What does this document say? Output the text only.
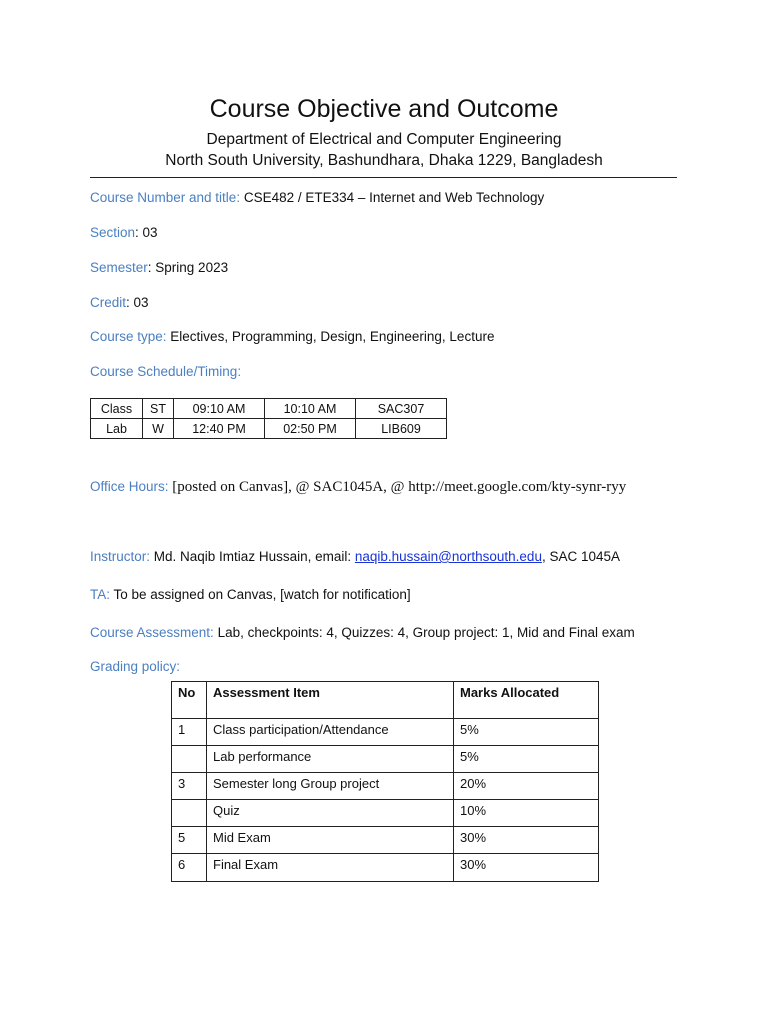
Course Objective and Outcome
Department of Electrical and Computer Engineering
North South University, Bashundhara, Dhaka 1229, Bangladesh
Course Number and title: CSE482 / ETE334 – Internet and Web Technology
Section: 03
Semester: Spring 2023
Credit: 03
Course type: Electives, Programming, Design, Engineering, Lecture
Course Schedule/Timing:
Class	ST	09:10 AM	10:10 AM	SAC307
Lab	W	12:40 PM	02:50 PM	LIB609
Office Hours: [posted on Canvas], @ SAC1045A, @ http://meet.google.com/kty-synr-ryy
Instructor: Md. Naqib Imtiaz Hussain, email: naqib.hussain@northsouth.edu, SAC 1045A
TA: To be assigned on Canvas, [watch for notification]
Course Assessment: Lab, checkpoints: 4, Quizzes: 4, Group project: 1, Mid and Final exam
Grading policy:
No	Assessment Item	Marks Allocated
1	Class participation/Attendance	5%
	Lab performance	5%
3	Semester long Group project	20%
	Quiz	10%
5	Mid Exam	30%
6	Final Exam	30%
